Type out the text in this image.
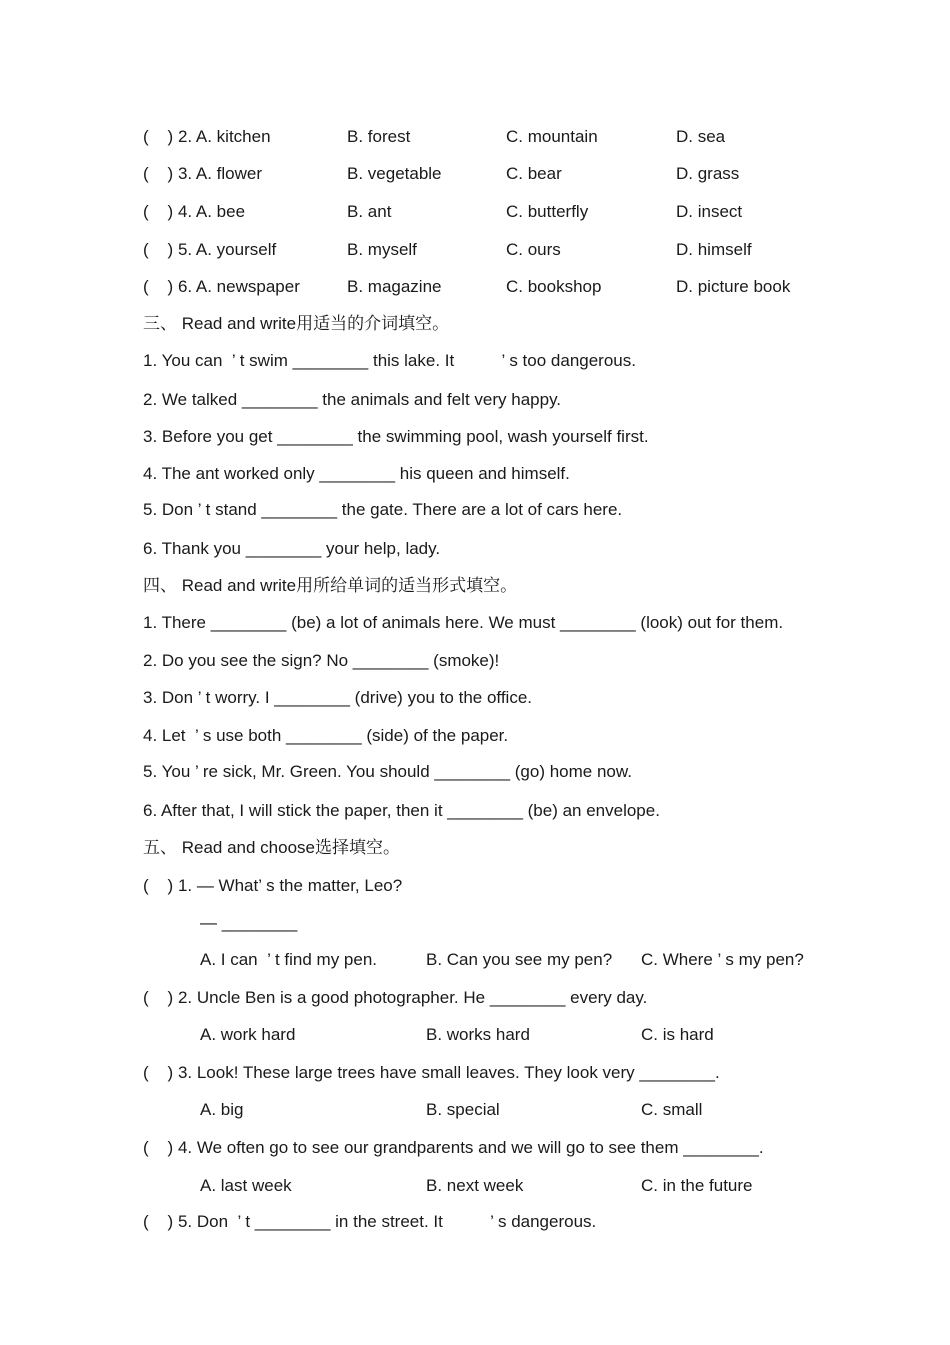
(    ) 2. A. kitchen	B. forest	C. mountain	D. sea
(    ) 3. A. flower	B. vegetable	C. bear	D. grass
(    ) 4. A. bee	B. ant	C. butterfly	D. insect
(    ) 5. A. yourself	B. myself	C. ours	D. himself
(    ) 6. A. newspaper	B. magazine	C. bookshop	D. picture book
三、 Read and write用适当的介词填空。
1. You can  ’ t swim ________ this lake. It          ’ s too dangerous.
2. We talked ________ the animals and felt very happy.
3. Before you get ________ the swimming pool, wash yourself first.
4. The ant worked only ________ his queen and himself.
5. Don ’ t stand ________ the gate. There are a lot of cars here.
6. Thank you ________ your help, lady.
四、 Read and write用所给单词的适当形式填空。
1. There ________ (be) a lot of animals here. We must ________ (look) out for them.
2. Do you see the sign? No ________ (smoke)!
3. Don ’ t worry. I ________ (drive) you to the office.
4. Let  ’ s use both ________ (side) of the paper.
5. You ’ re sick, Mr. Green. You should ________ (go) home now.
6. After that, I will stick the paper, then it ________ (be) an envelope.
五、 Read and choose选择填空。
(    ) 1. — What’ s the matter, Leo?
— ________
A. I can  ’ t find my pen.	B. Can you see my pen? C. Where ’ s my pen?
(    ) 2. Uncle Ben is a good photographer. He ________ every day.
A. work hard	B. works hard	C. is hard
(    ) 3. Look! These large trees have small leaves. They look very ________.
A. big	B. special	C. small
(    ) 4. We often go to see our grandparents and we will go to see them ________.
A. last week	B. next week	C. in the future
(    ) 5. Don  ’ t ________ in the street. It          ’ s dangerous.
